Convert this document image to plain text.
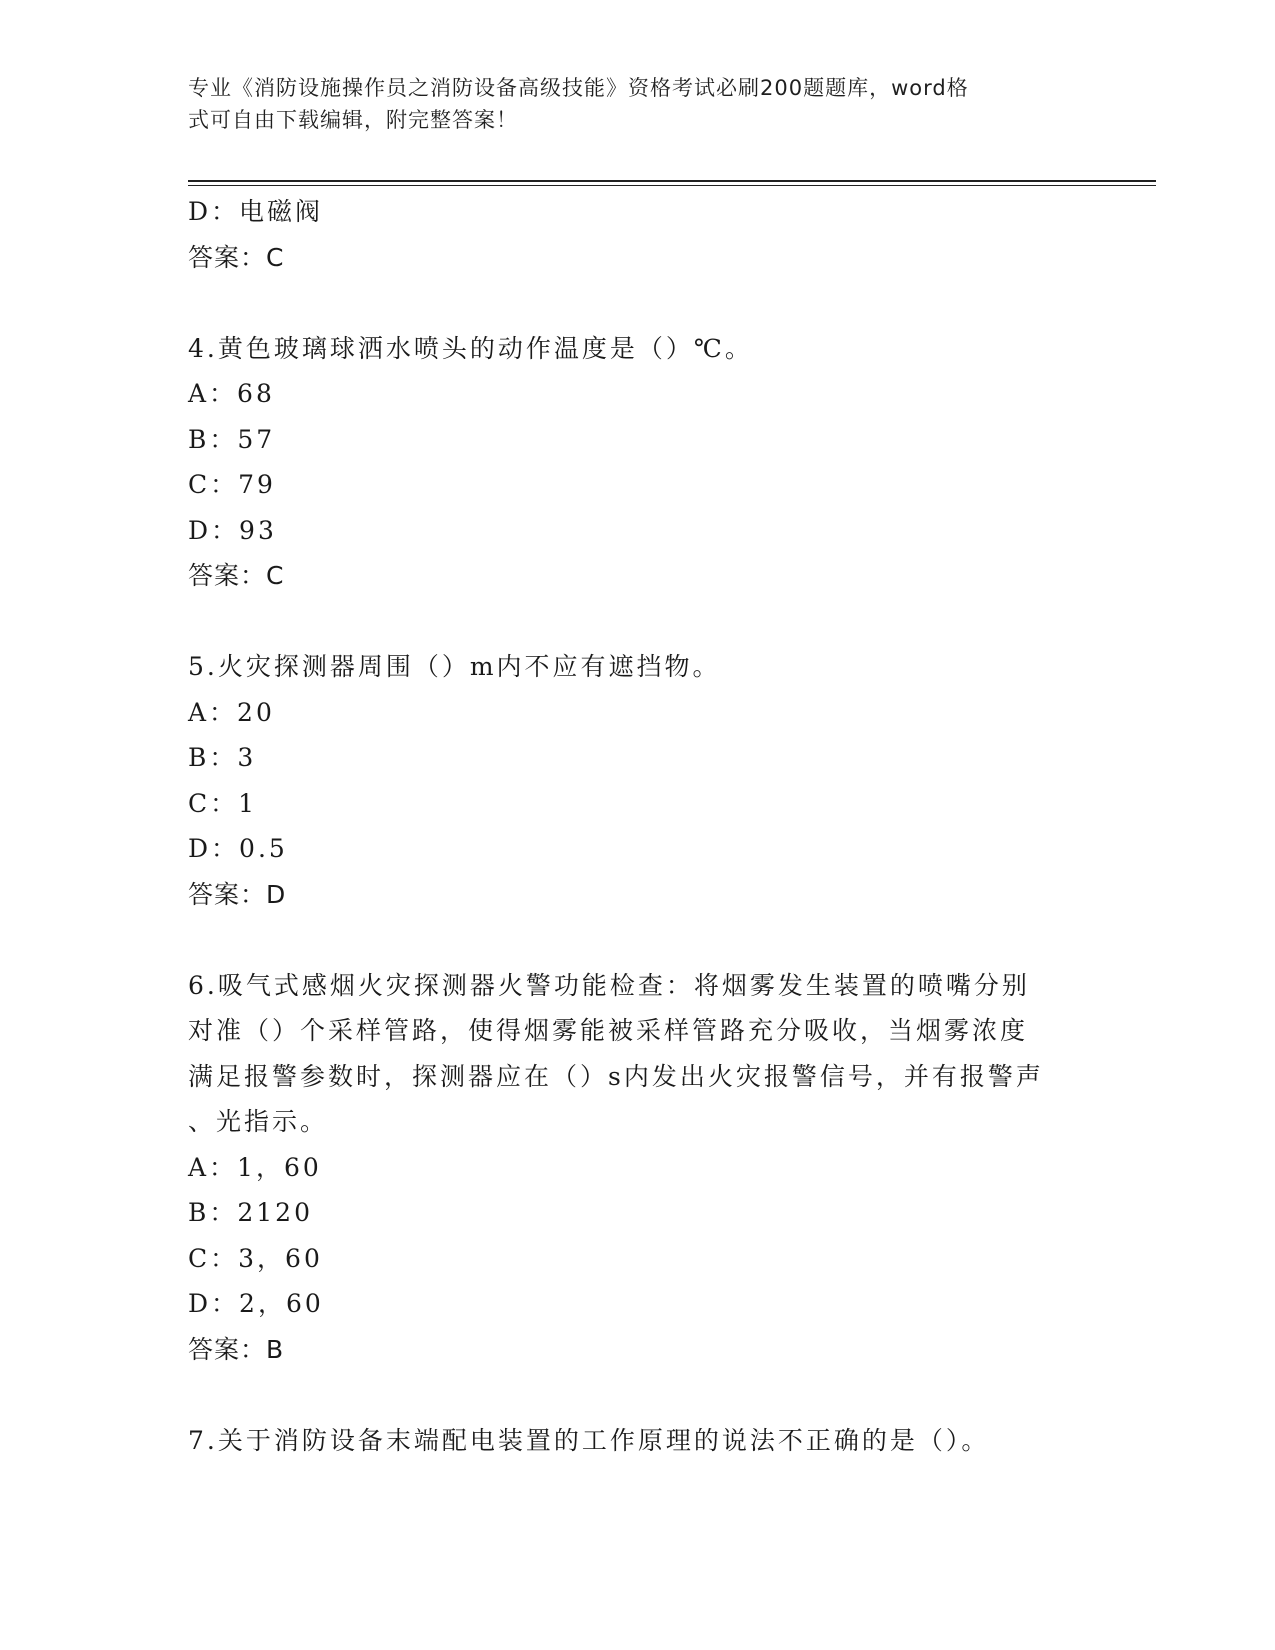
专业《消防设施操作员之消防设备高级技能》资格考试必刷200题题库，word格
式可自由下载编辑，附完整答案！
D：电磁阀
答案：C
4.黄色玻璃球洒水喷头的动作温度是（）℃。
A：68
B：57
C：79
D：93
答案：C
5.火灾探测器周围（）m内不应有遮挡物。
A：20
B：3
C：1
D：0.5
答案：D
6.吸气式感烟火灾探测器火警功能检查：将烟雾发生装置的喷嘴分别
对准（）个采样管路，使得烟雾能被采样管路充分吸收，当烟雾浓度
满足报警参数时，探测器应在（）s内发出火灾报警信号，并有报警声
、光指示。
A：1，60
B：2120
C：3，60
D：2，60
答案：B
7.关于消防设备末端配电装置的工作原理的说法不正确的是（）。
